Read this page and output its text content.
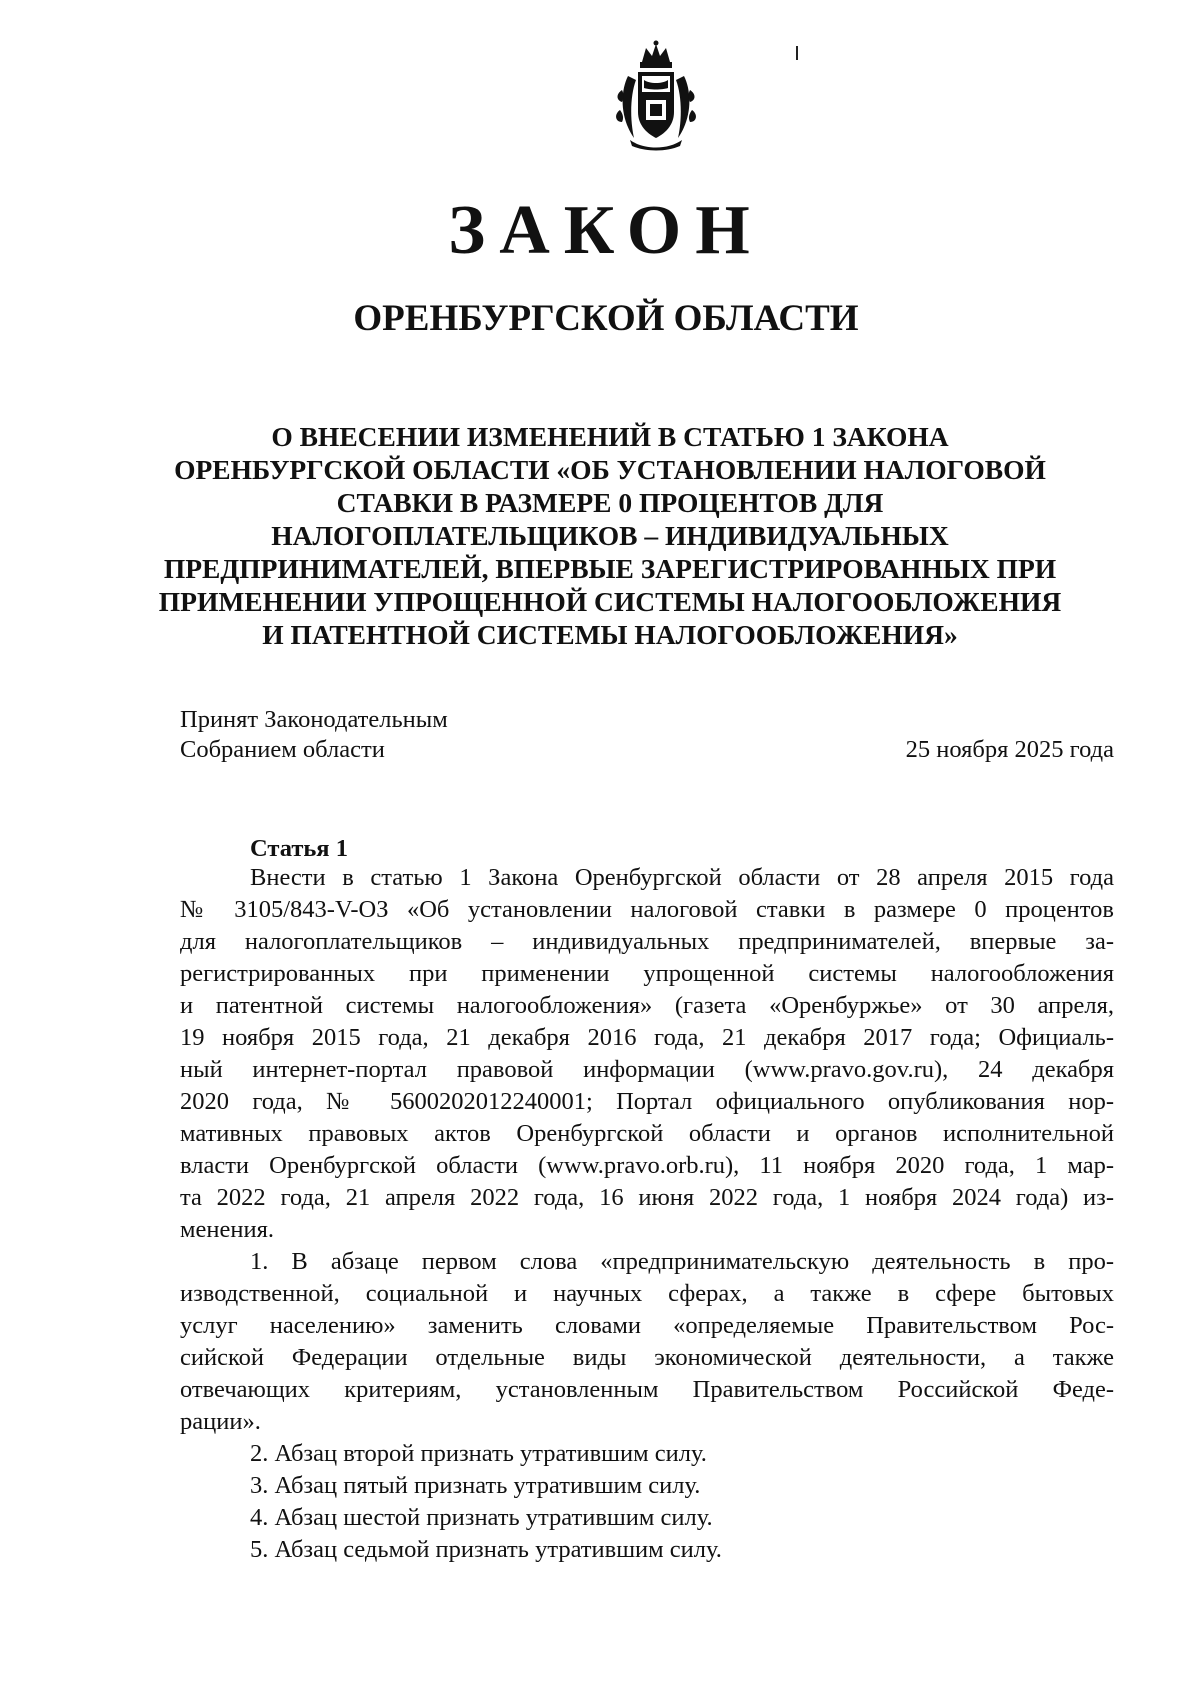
ЗАКОН
ОРЕНБУРГСКОЙ ОБЛАСТИ
О ВНЕСЕНИИ ИЗМЕНЕНИЙ В СТАТЬЮ 1 ЗАКОНА
ОРЕНБУРГСКОЙ ОБЛАСТИ «ОБ УСТАНОВЛЕНИИ НАЛОГОВОЙ
СТАВКИ В РАЗМЕРЕ 0 ПРОЦЕНТОВ ДЛЯ
НАЛОГОПЛАТЕЛЬЩИКОВ – ИНДИВИДУАЛЬНЫХ
ПРЕДПРИНИМАТЕЛЕЙ, ВПЕРВЫЕ ЗАРЕГИСТРИРОВАННЫХ ПРИ
ПРИМЕНЕНИИ УПРОЩЕННОЙ СИСТЕМЫ НАЛОГООБЛОЖЕНИЯ
И ПАТЕНТНОЙ СИСТЕМЫ НАЛОГООБЛОЖЕНИЯ»
Принят Законодательным
Собранием области	25 ноября 2025 года
Статья 1
Внести в статью 1 Закона Оренбургской области от 28 апреля 2015 года
№ 3105/843-V-ОЗ «Об установлении налоговой ставки в размере 0 процентов
для налогоплательщиков – индивидуальных предпринимателей, впервые за-
регистрированных при применении упрощенной системы налогообложения
и патентной системы налогообложения» (газета «Оренбуржье» от 30 апреля,
19 ноября 2015 года, 21 декабря 2016 года, 21 декабря 2017 года; Официаль-
ный интернет-портал правовой информации (www.pravo.gov.ru), 24 декабря
2020 года, № 5600202012240001; Портал официального опубликования нор-
мативных правовых актов Оренбургской области и органов исполнительной
власти Оренбургской области (www.pravo.orb.ru), 11 ноября 2020 года, 1 мар-
та 2022 года, 21 апреля 2022 года, 16 июня 2022 года, 1 ноября 2024 года) из-
менения.
1. В абзаце первом слова «предпринимательскую деятельность в про-
изводственной, социальной и научных сферах, а также в сфере бытовых
услуг населению» заменить словами «определяемые Правительством Рос-
сийской Федерации отдельные виды экономической деятельности, а также
отвечающих критериям, установленным Правительством Российской Феде-
рации».
2. Абзац второй признать утратившим силу.
3. Абзац пятый признать утратившим силу.
4. Абзац шестой признать утратившим силу.
5. Абзац седьмой признать утратившим силу.
